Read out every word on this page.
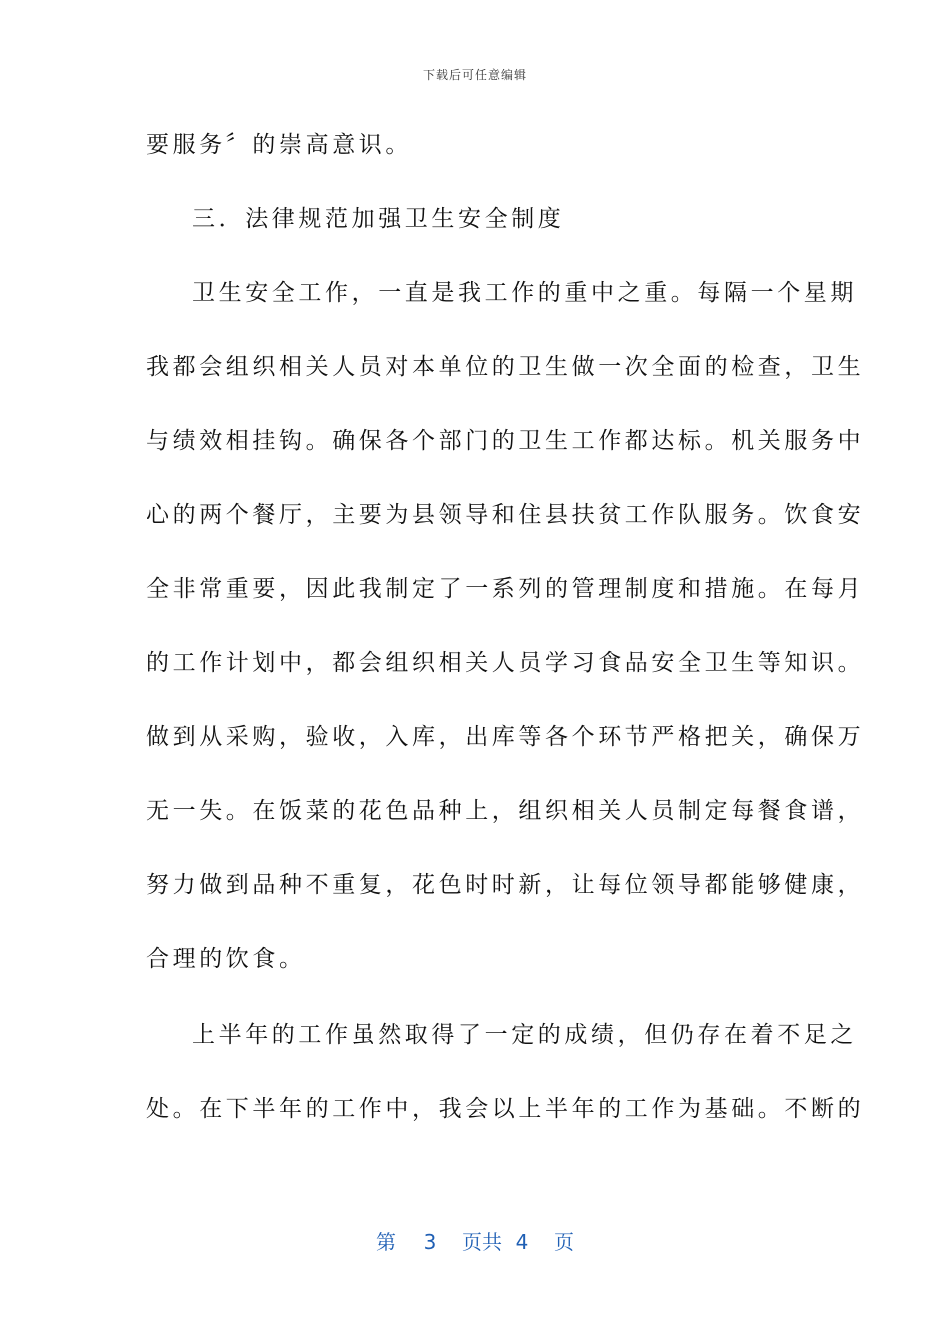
下载后可任意编辑
要服务〞的崇高意识。
三．法律规范加强卫生安全制度
卫生安全工作，一直是我工作的重中之重。每隔一个星期
我都会组织相关人员对本单位的卫生做一次全面的检查，卫生
与绩效相挂钩。确保各个部门的卫生工作都达标。机关服务中
心的两个餐厅，主要为县领导和住县扶贫工作队服务。饮食安
全非常重要，因此我制定了一系列的管理制度和措施。在每月
的工作计划中，都会组织相关人员学习食品安全卫生等知识。
做到从采购，验收，入库，出库等各个环节严格把关，确保万
无一失。在饭菜的花色品种上，组织相关人员制定每餐食谱，
努力做到品种不重复，花色时时新，让每位领导都能够健康，
合理的饮食。
上半年的工作虽然取得了一定的成绩，但仍存在着不足之
处。在下半年的工作中，我会以上半年的工作为基础。不断的
第 3 页共 4 页
